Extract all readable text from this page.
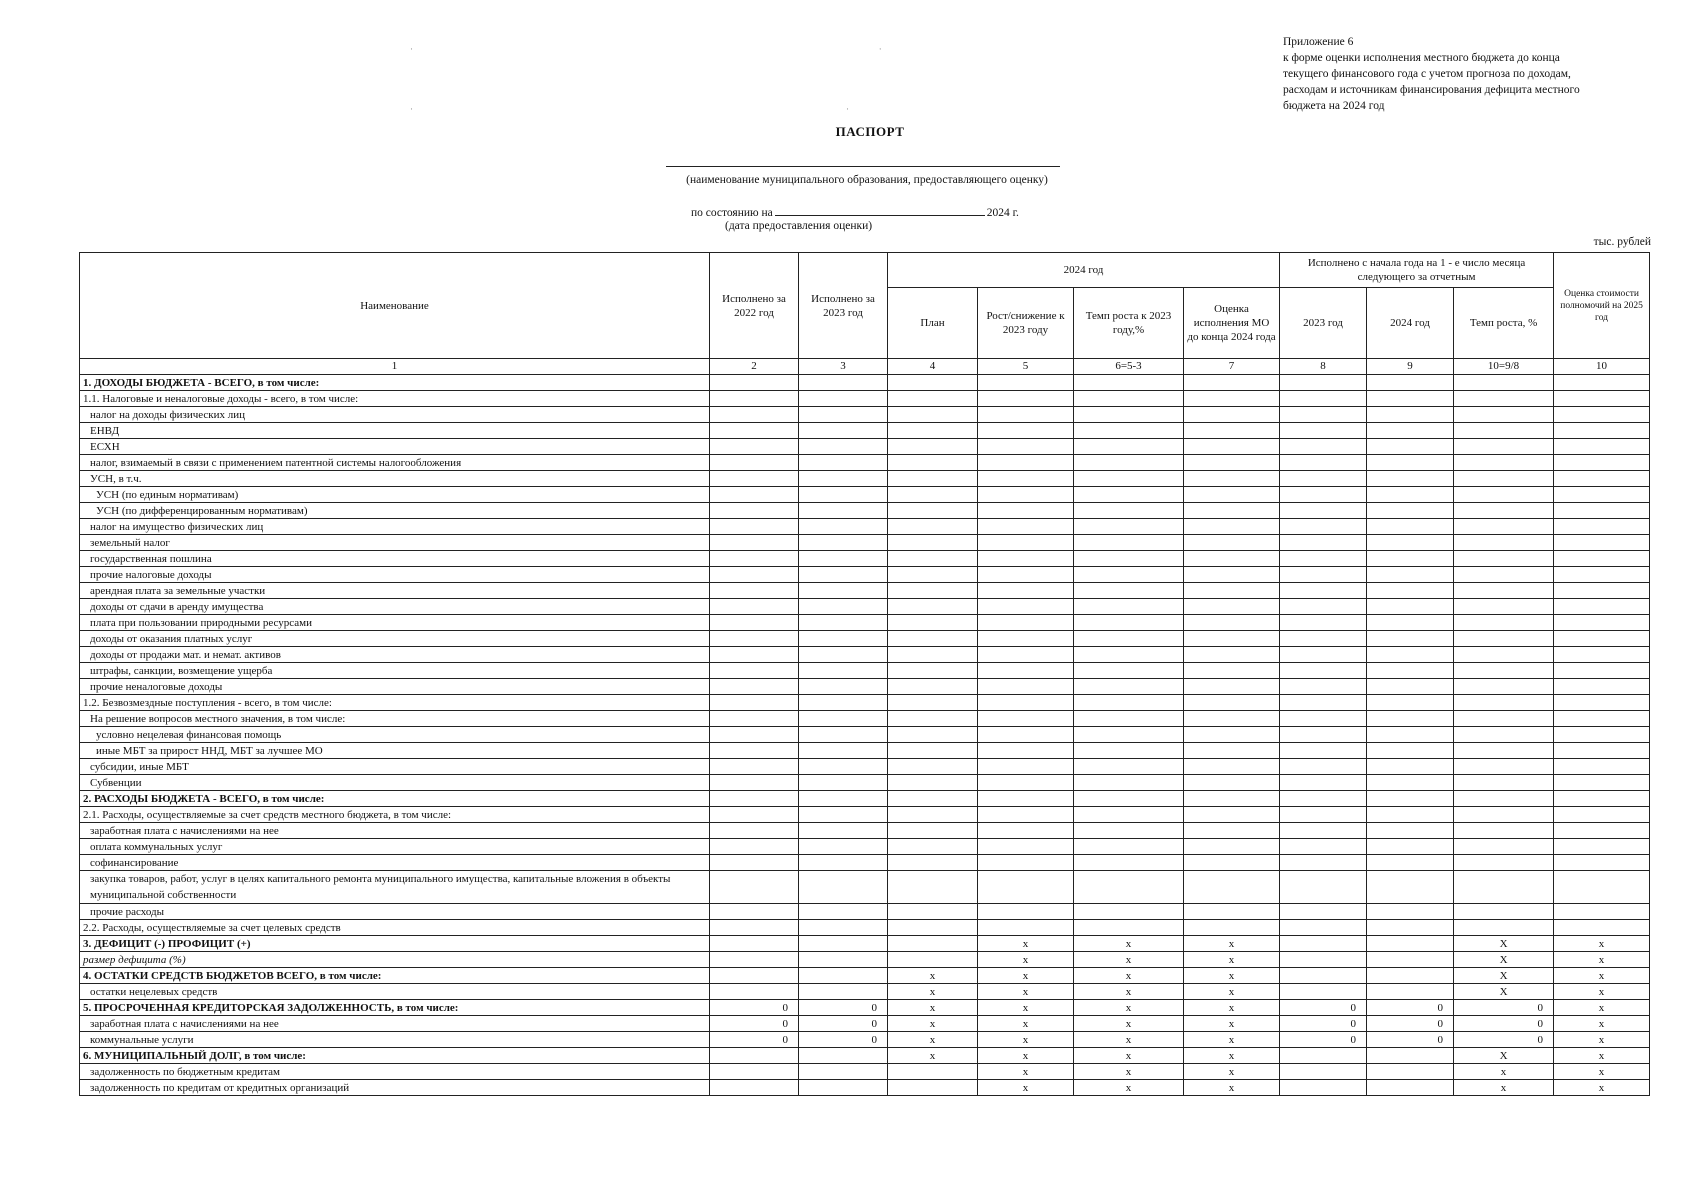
·                                                                                                                                                                                                               ·
·	·
Приложение 6
к форме оценки исполнения местного бюджета до конца
текущего финансового года с учетом прогноза по доходам,
расходам и источникам финансирования дефицита местного
бюджета на 2024 год
ПАСПОРТ
(наименование муниципального образования, предоставляющего оценку)
по состоянию на	2024 г.
(дата предоставления оценки)
тыс. рублей
Наименование	Исполнено за 2022 год	Исполнено за 2023 год	2024 год				Исполнено с начала года на 1 - е число месяца следующего за отчетным			Оценка стоимости полномочий на 2025 год
			План	Рост/снижение к 2023 году	Темп роста к 2023 году,%	Оценка исполнения МО до конца 2024 года	2023 год	2024 год	Темп роста, %	
1	2	3	4	5	6=5-3	7	8	9	10=9/8	10
1. ДОХОДЫ БЮДЖЕТА - ВСЕГО, в том числе:										
1.1. Налоговые и неналоговые доходы - всего, в том числе:										
налог на доходы физических лиц										
ЕНВД										
ЕСХН										
налог, взимаемый в связи с применением патентной системы налогообложения										
УСН, в т.ч.										
УСН (по единым нормативам)										
УСН (по дифференцированным нормативам)										
налог на имущество физических лиц										
земельный налог										
государственная пошлина										
прочие налоговые доходы										
арендная плата за земельные участки										
доходы от сдачи в аренду имущества										
плата при пользовании природными ресурсами										
доходы от оказания платных услуг										
доходы от продажи мат. и немат. активов										
штрафы, санкции, возмещение ущерба										
прочие неналоговые доходы										
1.2. Безвозмездные поступления - всего, в том числе:										
На решение вопросов местного значения, в том числе:										
условно нецелевая финансовая помощь										
иные МБТ за прирост ННД, МБТ за лучшее МО										
субсидии, иные МБТ										
Субвенции										
2. РАСХОДЫ БЮДЖЕТА - ВСЕГО, в том числе:										
2.1. Расходы, осуществляемые за счет средств местного бюджета, в том числе:										
заработная плата с начислениями на нее										
оплата коммунальных услуг										
софинансирование										
закупка товаров, работ, услуг в целях капитального ремонта муниципального имущества, капитальные вложения в объекты муниципальной собственности										
прочие расходы										
2.2. Расходы, осуществляемые за счет целевых средств										
3. ДЕФИЦИТ (-) ПРОФИЦИТ (+)				х	х	х			Х	х
размер дефицита (%)				х	х	х			Х	х
4. ОСТАТКИ СРЕДСТВ БЮДЖЕТОВ ВСЕГО, в том числе:			х	х	х	х			Х	х
остатки нецелевых средств			х	х	х	х			Х	х
5. ПРОСРОЧЕННАЯ КРЕДИТОРСКАЯ ЗАДОЛЖЕННОСТЬ, в том числе:	0	0	х	х	х	х	0	0	0	х
заработная плата с начислениями на нее	0	0	х	х	х	х	0	0	0	х
коммунальные услуги	0	0	х	х	х	х	0	0	0	х
6. МУНИЦИПАЛЬНЫЙ ДОЛГ, в том числе:			х	х	х	х			Х	х
задолженность по бюджетным кредитам				х	х	х			х	х
задолженность по кредитам от кредитных организаций				х	х	х			х	х
